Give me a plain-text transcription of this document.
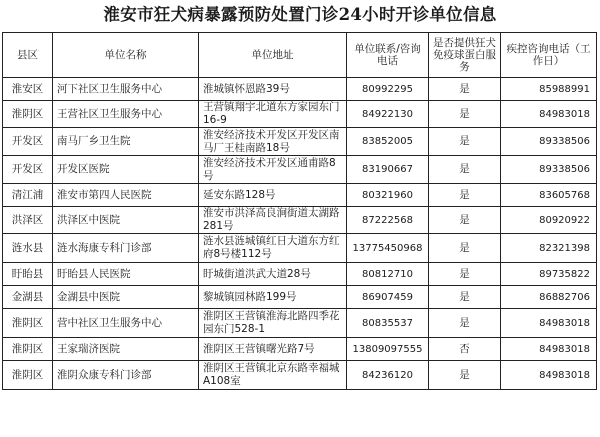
淮安市狂犬病暴露预防处置门诊24小时开诊单位信息
县区	单位名称	单位地址	单位联系/咨询电话	是否提供狂犬免疫球蛋白服务	疾控咨询电话（工作日）
淮安区	河下社区卫生服务中心	淮城镇怀恩路39号	80992295	是	85988991
淮阴区	王营社区卫生服务中心	王营镇翔宇北道东方家园东门16-9	84922130	是	84983018
开发区	南马厂乡卫生院	淮安经济技术开发区开发区南马厂王桂南路18号	83852005	是	89338506
开发区	开发区医院	淮安经济技术开发区通甫路8号	83190667	是	89338506
清江浦	淮安市第四人民医院	延安东路128号	80321960	是	83605768
洪泽区	洪泽区中医院	淮安市洪泽高良涧街道太湖路281号	87222568	是	80920922
涟水县	涟水海康专科门诊部	涟水县涟城镇红日大道东方红府8号楼112号	13775450968	是	82321398
盱眙县	盱眙县人民医院	盱城街道洪武大道28号	80812710	是	89735822
金湖县	金湖县中医院	黎城镇园林路199号	86907459	是	86882706
淮阴区	营中社区卫生服务中心	淮阴区王营镇淮海北路四季花园东门528-1	80835537	是	84983018
淮阴区	王家瑞济医院	淮阴区王营镇曙光路7号	13809097555	否	84983018
淮阴区	淮阴众康专科门诊部	淮阴区王营镇北京东路幸福城A108室	84236120	是	84983018
